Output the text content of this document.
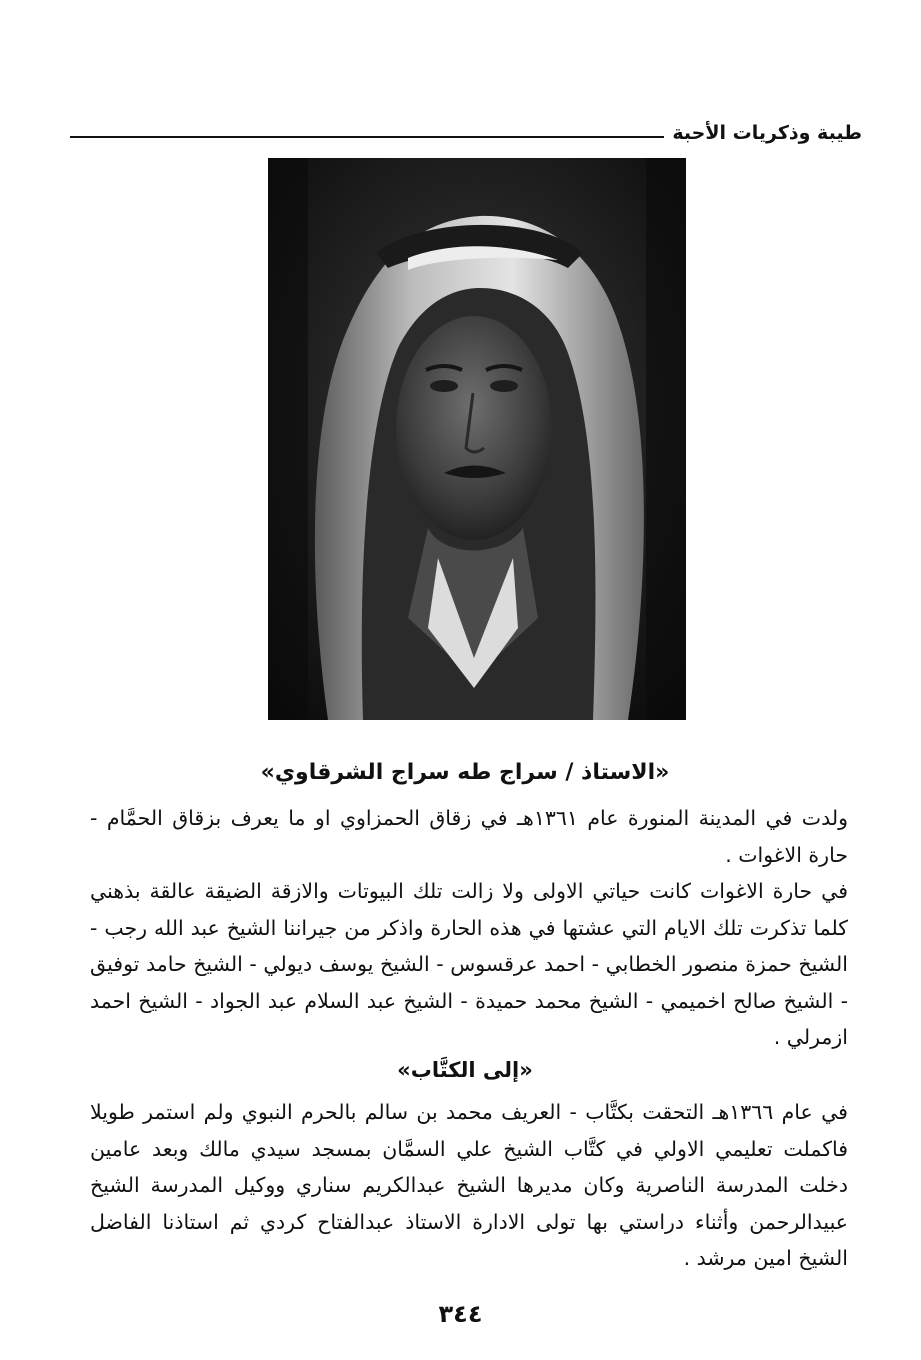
طيبة وذكريات الأحبة
«الاستاذ / سراج طه سراج الشرقاوي»

ولدت في المدينة المنورة عام ١٣٦١هـ في زقاق الحمزاوي او ما يعرف بزقاق الحمَّام - حارة الاغوات .

في حارة الاغوات كانت حياتي الاولى ولا زالت تلك البيوتات والازقة الضيقة عالقة بذهني كلما تذكرت تلك الايام التي عشتها في هذه الحارة واذكر من جيراننا الشيخ عبد الله رجب - الشيخ حمزة منصور الخطابي - احمد عرقسوس - الشيخ يوسف ديولي - الشيخ حامد توفيق - الشيخ صالح اخميمي - الشيخ محمد حميدة - الشيخ عبد السلام عبد الجواد - الشيخ احمد ازمرلي .

«إلى الكتَّاب»

في عام ١٣٦٦هـ التحقت بكتَّاب - العريف محمد بن سالم بالحرم النبوي ولم استمر طويلا فاكملت تعليمي الاولي في كتَّاب الشيخ علي السمَّان بمسجد سيدي مالك وبعد عامين دخلت المدرسة الناصرية وكان مديرها الشيخ عبدالكريم سناري ووكيل المدرسة الشيخ عبيدالرحمن وأثناء دراستي بها تولى الادارة الاستاذ عبدالفتاح كردي ثم استاذنا الفاضل الشيخ امين مرشد .

٣٤٤
